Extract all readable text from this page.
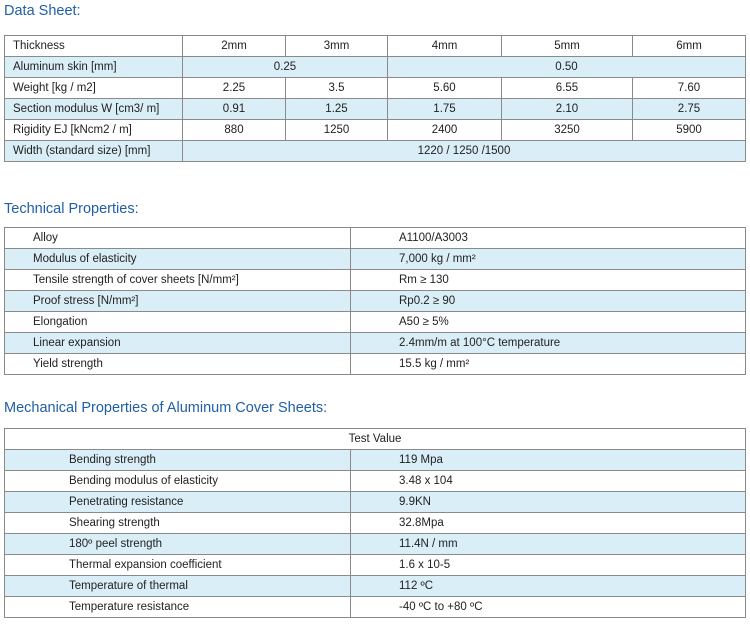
Data Sheet:
Thickness	2mm	3mm	4mm	5mm	6mm
Aluminum skin [mm]	0.25		0.50		
Weight [kg / m2]	2.25	3.5	5.60	6.55	7.60
Section modulus W [cm3/ m]	0.91	1.25	1.75	2.10	2.75
Rigidity EJ [kNcm2 / m]	880	1250	2400	3250	5900
Width (standard size) [mm]	1220 / 1250 /1500				
Technical Properties:
Alloy	A1100/A3003
Modulus of elasticity	7,000 kg / mm²
Tensile strength of cover sheets [N/mm²]	Rm ≥ 130
Proof stress [N/mm²]	Rp0.2 ≥ 90
Elongation	A50 ≥ 5%
Linear expansion	2.4mm/m at 100°C temperature
Yield strength	15.5 kg / mm²
Mechanical Properties of Aluminum Cover Sheets:
Test Value	
Bending strength	119 Mpa
Bending modulus of elasticity	3.48 x 104
Penetrating resistance	9.9KN
Shearing strength	32.8Mpa
180º peel strength	11.4N / mm
Thermal expansion coefficient	1.6 x 10-5
Temperature of thermal	112 ºC
Temperature resistance	-40 ºC to +80 ºC
